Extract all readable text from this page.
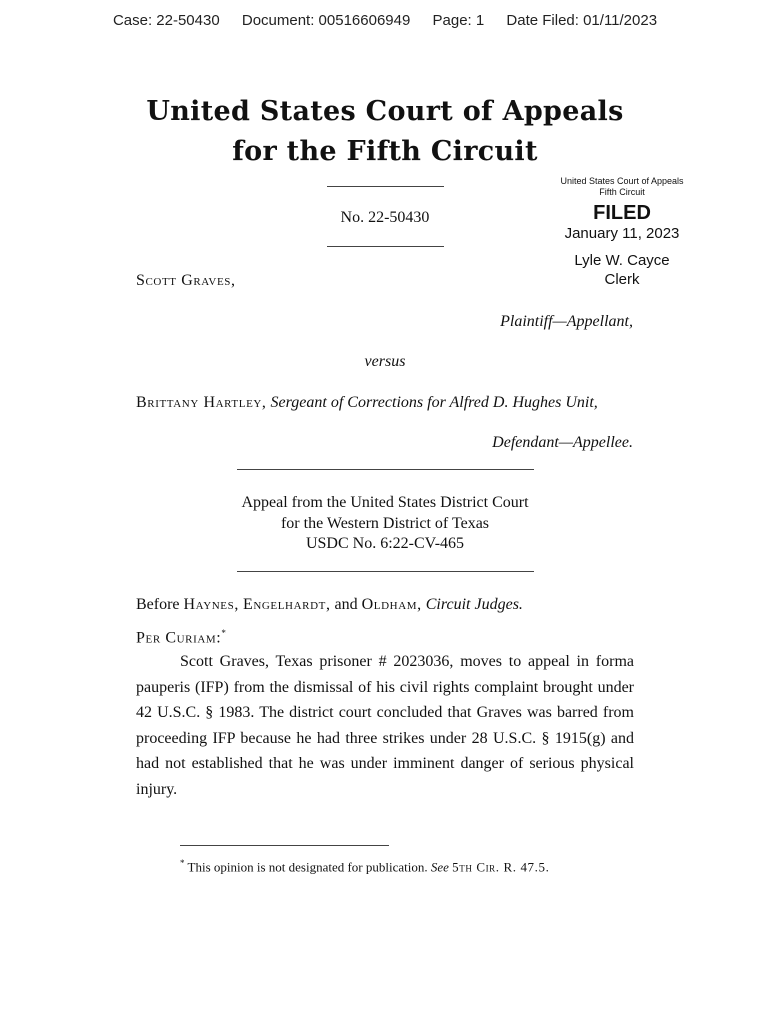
Case: 22-50430 Document: 00516606949 Page: 1 Date Filed: 01/11/2023
United States Court of Appeals
for the Fifth Circuit
No. 22-50430
United States Court of Appeals
Fifth Circuit
FILED
January 11, 2023
Lyle W. Cayce
Clerk
Scott Graves,
Plaintiff—Appellant,
versus
Brittany Hartley, Sergeant of Corrections for Alfred D. Hughes Unit,
Defendant—Appellee.
Appeal from the United States District Court
for the Western District of Texas
USDC No. 6:22-CV-465
Before Haynes, Engelhardt, and Oldham, Circuit Judges.
Per Curiam:*
Scott Graves, Texas prisoner # 2023036, moves to appeal in forma pauperis (IFP) from the dismissal of his civil rights complaint brought under 42 U.S.C. § 1983. The district court concluded that Graves was barred from proceeding IFP because he had three strikes under 28 U.S.C. § 1915(g) and had not established that he was under imminent danger of serious physical injury.
* This opinion is not designated for publication. See 5th Cir. R. 47.5.
